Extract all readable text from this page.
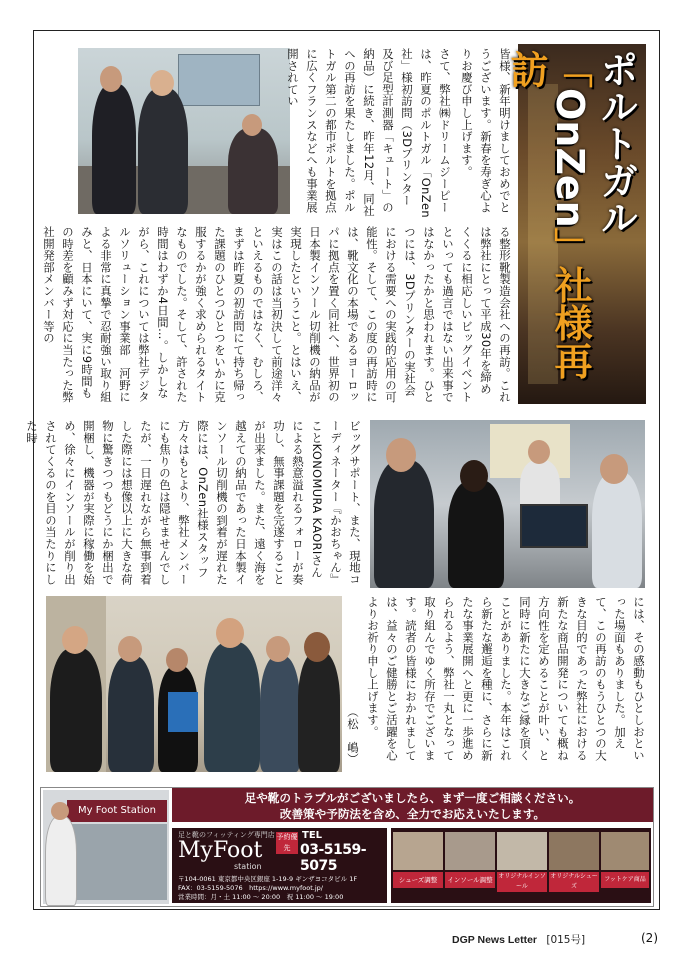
ポルトガル
「OnZen」社様再訪
皆様、新年明けましておめでとうございます。新春を寿ぎ心よりお慶び申し上げます。
さて、弊社㈱ドリームジーピーは、昨夏のポルトガル「OnZen社」様初訪問（3Dプリンター及び足型計測器「キュート」の納品）に続き、昨年12月、同社への再訪を果たしました。ポルトガル第二の都市ポルトを拠点に広くフランスなどへも事業展開されてい
る整形靴製造会社への再訪。これは弊社にとって平成30年を締めくくるに相応しいビッグイベントといっても過言ではない出来事ではなかったかと思われます。ひとつには、3Dプリンターの実社会における需要への実践的応用の可能性。そして、この度の再訪時には、靴文化の本場であるヨーロッパに拠点を置く同社へ、世界初の日本製インソール切削機の納品が実現したということ。とはいえ、実はこの話は当初決して前途洋々といえるものではなく、むしろ、まずは昨夏の初訪問にて持ち帰った課題のひとつひとつをいかに克服するかが強く求められるタイトなものでした。そして、許された時間はわずか4日間…。しかしながら、これについては弊社デジタルソリューション事業部　河野による非常に真摯で忍耐強い取り組みと、日本にいて、実に9時間もの時差を顧みず対応に当たった弊社開発部メンバー等の
には、その感動もひとしおといった場面もありました。加えて、この再訪のもうひとつの大きな目的であった弊社における新たな商品開発についても概ね方向性を定めることが叶い、と同時に新たに大きなご縁を頂くことがありました。本年はこれら新たな邂逅を種に、さらに新たな事業展開へと更に一歩進められるよう、弊社一丸となって取り組んでゆく所存でございます。読者の皆様におかれましては、益々のご健勝とご活躍を心よりお祈り申し上げます。
（松　嶋）
ビッグサポート、また、現地コーディネーター『かおちゃん』ことKONOMURA KAORIさんによる熱意溢れるフォローが奏功し、無事課題を完遂することが出来ました。また、遠く海を越えての納品であった日本製インソール切削機の到着が遅れた際には、OnZen社様スタッフ方々はもとより、弊社メンバーにも焦りの色は隠せませんでしたが、一日遅れながら無事到着した際には想像以上に大きな荷物に驚きつつもどうにか梱出で開梱し、機器が実際に稼働を始め、徐々にインソールが削り出されてくるのを目の当たりにした時
My Foot Station
足や靴のトラブルがございましたら、まず一度ご相談ください。
改善策や予防法を含め、全力でお応えいたします。
足と靴のフィッティング専門店
MyFoot
station
予約優先
TEL
03-5159-5075
〒104-0061 東京都中央区銀座 1-19-9 ギンザヨコタビル 1F
FAX：03-5159-5076　https://www.myfoot.jp/
営業時間：月・土 11:00 〜 20:00　祝 11:00 〜 19:00
シューズ調整	インソール調整 オリジナルインソール
オリジナルシューズ
フットケア商品
DGP News Letter [015号]	(2)
